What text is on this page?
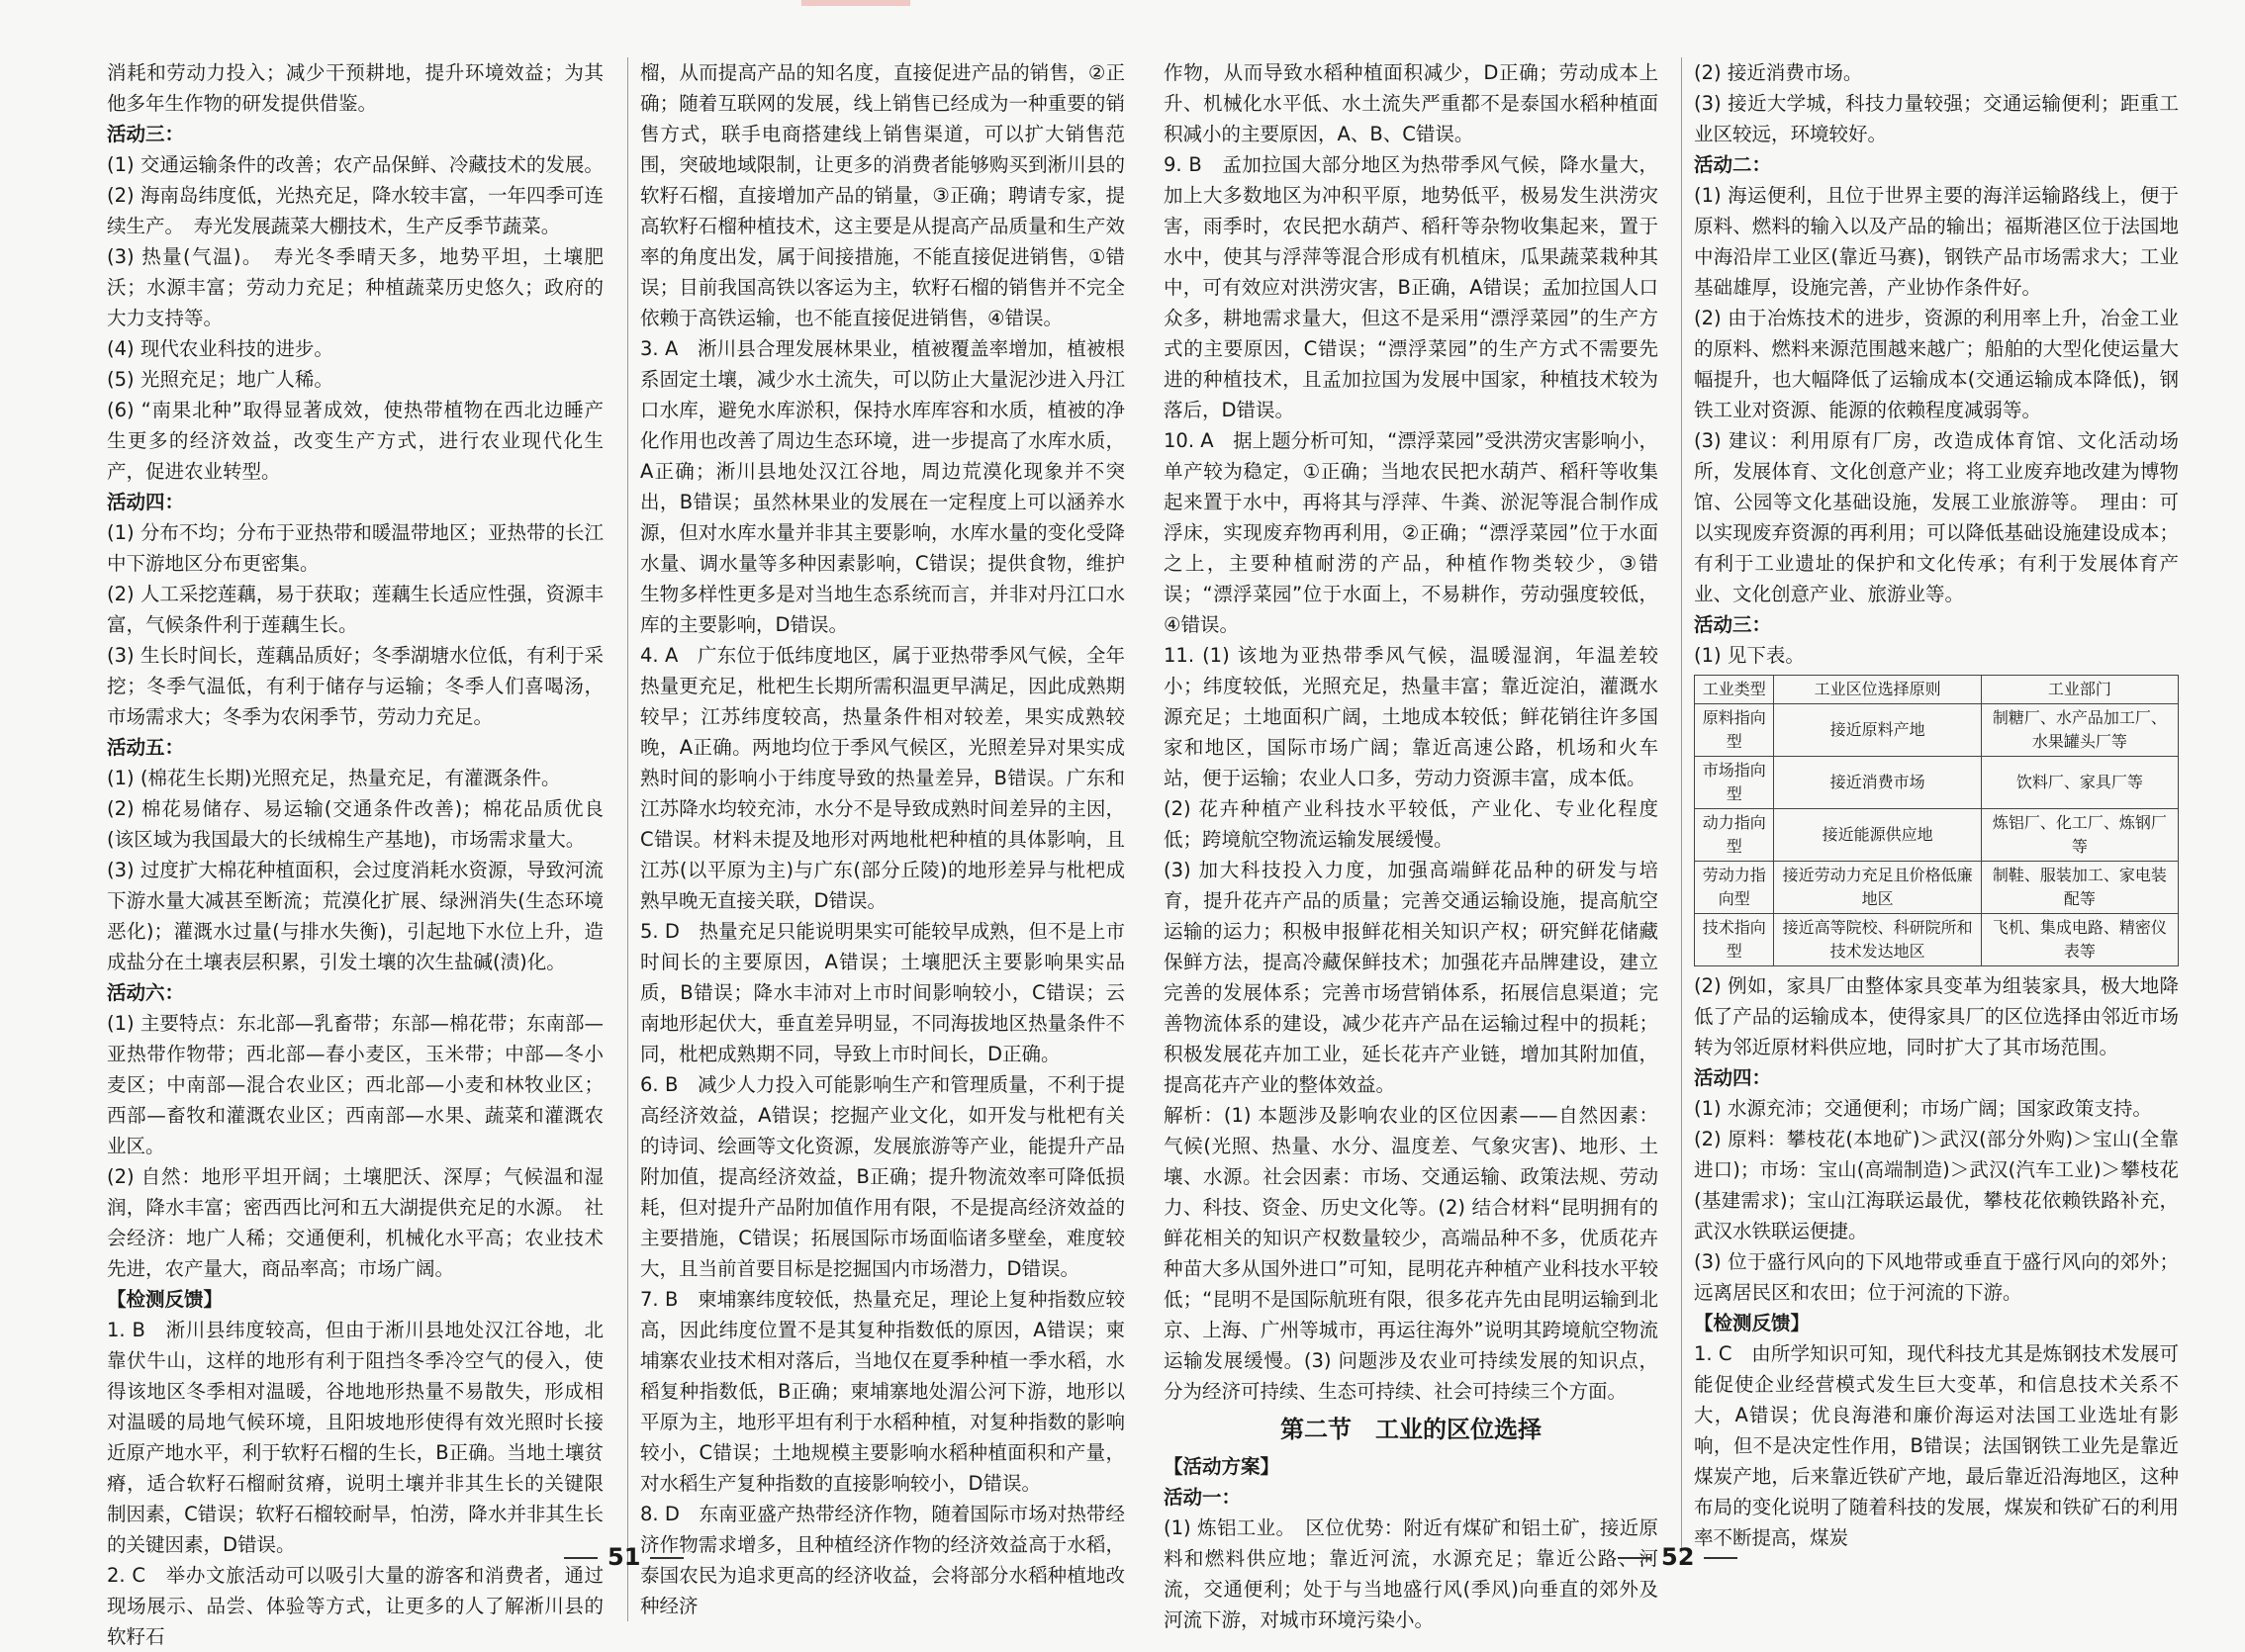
消耗和劳动力投入；减少干预耕地，提升环境效益；为其他多年生作物的研发提供借鉴。

活动三：

(1) 交通运输条件的改善；农产品保鲜、冷藏技术的发展。

(2) 海南岛纬度低，光热充足，降水较丰富，一年四季可连续生产。　寿光发展蔬菜大棚技术，生产反季节蔬菜。

(3) 热量(气温)。　寿光冬季晴天多，地势平坦，土壤肥沃；水源丰富；劳动力充足；种植蔬菜历史悠久；政府的大力支持等。

(4) 现代农业科技的进步。

(5) 光照充足；地广人稀。

(6) “南果北种”取得显著成效，使热带植物在西北边睡产生更多的经济效益，改变生产方式，进行农业现代化生产，促进农业转型。

活动四：

(1) 分布不均；分布于亚热带和暖温带地区；亚热带的长江中下游地区分布更密集。

(2) 人工采挖莲藕，易于获取；莲藕生长适应性强，资源丰富，气候条件利于莲藕生长。

(3) 生长时间长，莲藕品质好；冬季湖塘水位低，有利于采挖；冬季气温低，有利于储存与运输；冬季人们喜喝汤，市场需求大；冬季为农闲季节，劳动力充足。

活动五：

(1) (棉花生长期)光照充足，热量充足，有灌溉条件。

(2) 棉花易储存、易运输(交通条件改善)；棉花品质优良(该区域为我国最大的长绒棉生产基地)，市场需求量大。

(3) 过度扩大棉花种植面积，会过度消耗水资源，导致河流下游水量大减甚至断流；荒漠化扩展、绿洲消失(生态环境恶化)；灌溉水过量(与排水失衡)，引起地下水位上升，造成盐分在土壤表层积累，引发土壤的次生盐碱(渍)化。

活动六：

(1) 主要特点：东北部—乳畜带；东部—棉花带；东南部—亚热带作物带；西北部—春小麦区，玉米带；中部—冬小麦区；中南部—混合农业区；西北部—小麦和林牧业区；西部—畜牧和灌溉农业区；西南部—水果、蔬菜和灌溉农业区。

(2) 自然：地形平坦开阔；土壤肥沃、深厚；气候温和湿润，降水丰富；密西西比河和五大湖提供充足的水源。　社会经济：地广人稀；交通便利，机械化水平高；农业技术先进，农产量大，商品率高；市场广阔。

【检测反馈】

1. B　淅川县纬度较高，但由于淅川县地处汉江谷地，北靠伏牛山，这样的地形有利于阻挡冬季冷空气的侵入，使得该地区冬季相对温暖，谷地地形热量不易散失，形成相对温暖的局地气候环境，且阳坡地形使得有效光照时长接近原产地水平，利于软籽石榴的生长，B正确。当地土壤贫瘠，适合软籽石榴耐贫瘠，说明土壤并非其生长的关键限制因素，C错误；软籽石榴较耐旱，怕涝，降水并非其生长的关键因素，D错误。

2. C　举办文旅活动可以吸引大量的游客和消费者，通过现场展示、品尝、体验等方式，让更多的人了解淅川县的软籽石

榴，从而提高产品的知名度，直接促进产品的销售，②正确；随着互联网的发展，线上销售已经成为一种重要的销售方式，联手电商搭建线上销售渠道，可以扩大销售范围，突破地域限制，让更多的消费者能够购买到淅川县的软籽石榴，直接增加产品的销量，③正确；聘请专家，提高软籽石榴种植技术，这主要是从提高产品质量和生产效率的角度出发，属于间接措施，不能直接促进销售，①错误；目前我国高铁以客运为主，软籽石榴的销售并不完全依赖于高铁运输，也不能直接促进销售，④错误。

3. A　淅川县合理发展林果业，植被覆盖率增加，植被根系固定土壤，减少水土流失，可以防止大量泥沙进入丹江口水库，避免水库淤积，保持水库库容和水质，植被的净化作用也改善了周边生态环境，进一步提高了水库水质，A正确；淅川县地处汉江谷地，周边荒漠化现象并不突出，B错误；虽然林果业的发展在一定程度上可以涵养水源，但对水库水量并非其主要影响，水库水量的变化受降水量、调水量等多种因素影响，C错误；提供食物，维护生物多样性更多是对当地生态系统而言，并非对丹江口水库的主要影响，D错误。

4. A　广东位于低纬度地区，属于亚热带季风气候，全年热量更充足，枇杷生长期所需积温更早满足，因此成熟期较早；江苏纬度较高，热量条件相对较差，果实成熟较晚，A正确。两地均位于季风气候区，光照差异对果实成熟时间的影响小于纬度导致的热量差异，B错误。广东和江苏降水均较充沛，水分不是导致成熟时间差异的主因，C错误。材料未提及地形对两地枇杷种植的具体影响，且江苏(以平原为主)与广东(部分丘陵)的地形差异与枇杷成熟早晚无直接关联，D错误。

5. D　热量充足只能说明果实可能较早成熟，但不是上市时间长的主要原因，A错误；土壤肥沃主要影响果实品质，B错误；降水丰沛对上市时间影响较小，C错误；云南地形起伏大，垂直差异明显，不同海拔地区热量条件不同，枇杷成熟期不同，导致上市时间长，D正确。

6. B　减少人力投入可能影响生产和管理质量，不利于提高经济效益，A错误；挖掘产业文化，如开发与枇杷有关的诗词、绘画等文化资源，发展旅游等产业，能提升产品附加值，提高经济效益，B正确；提升物流效率可降低损耗，但对提升产品附加值作用有限，不是提高经济效益的主要措施，C错误；拓展国际市场面临诸多壁垒，难度较大，且当前首要目标是挖掘国内市场潜力，D错误。

7. B　柬埔寨纬度较低，热量充足，理论上复种指数应较高，因此纬度位置不是其复种指数低的原因，A错误；柬埔寨农业技术相对落后，当地仅在夏季种植一季水稻，水稻复种指数低，B正确；柬埔寨地处湄公河下游，地形以平原为主，地形平坦有利于水稻种植，对复种指数的影响较小，C错误；土地规模主要影响水稻种植面积和产量，对水稻生产复种指数的直接影响较小，D错误。

8. D　东南亚盛产热带经济作物，随着国际市场对热带经济作物需求增多，且种植经济作物的经济效益高于水稻，泰国农民为追求更高的经济收益，会将部分水稻种植地改种经济

作物，从而导致水稻种植面积减少，D正确；劳动成本上升、机械化水平低、水土流失严重都不是泰国水稻种植面积减小的主要原因，A、B、C错误。

9. B　孟加拉国大部分地区为热带季风气候，降水量大，加上大多数地区为冲积平原，地势低平，极易发生洪涝灾害，雨季时，农民把水葫芦、稻秆等杂物收集起来，置于水中，使其与浮萍等混合形成有机植床，瓜果蔬菜栽种其中，可有效应对洪涝灾害，B正确，A错误；孟加拉国人口众多，耕地需求量大，但这不是采用“漂浮菜园”的生产方式的主要原因，C错误；“漂浮菜园”的生产方式不需要先进的种植技术，且孟加拉国为发展中国家，种植技术较为落后，D错误。

10. A　据上题分析可知，“漂浮菜园”受洪涝灾害影响小，单产较为稳定，①正确；当地农民把水葫芦、稻秆等收集起来置于水中，再将其与浮萍、牛粪、淤泥等混合制作成浮床，实现废弃物再利用，②正确；“漂浮菜园”位于水面之上，主要种植耐涝的产品，种植作物类较少，③错误；“漂浮菜园”位于水面上，不易耕作，劳动强度较低，④错误。

11. (1) 该地为亚热带季风气候，温暖湿润，年温差较小；纬度较低，光照充足，热量丰富；靠近淀泊，灌溉水源充足；土地面积广阔，土地成本较低；鲜花销往许多国家和地区，国际市场广阔；靠近高速公路，机场和火车站，便于运输；农业人口多，劳动力资源丰富，成本低。

(2) 花卉种植产业科技水平较低，产业化、专业化程度低；跨境航空物流运输发展缓慢。

(3) 加大科技投入力度，加强高端鲜花品种的研发与培育，提升花卉产品的质量；完善交通运输设施，提高航空运输的运力；积极申报鲜花相关知识产权；研究鲜花储藏保鲜方法，提高冷藏保鲜技术；加强花卉品牌建设，建立完善的发展体系；完善市场营销体系，拓展信息渠道；完善物流体系的建设，减少花卉产品在运输过程中的损耗；积极发展花卉加工业，延长花卉产业链，增加其附加值，提高花卉产业的整体效益。

解析：(1) 本题涉及影响农业的区位因素——自然因素：气候(光照、热量、水分、温度差、气象灾害)、地形、土壤、水源。社会因素：市场、交通运输、政策法规、劳动力、科技、资金、历史文化等。(2) 结合材料“昆明拥有的鲜花相关的知识产权数量较少，高端品种不多，优质花卉种苗大多从国外进口”可知，昆明花卉种植产业科技水平较低；“昆明不是国际航班有限，很多花卉先由昆明运输到北京、上海、广州等城市，再运往海外”说明其跨境航空物流运输发展缓慢。(3) 问题涉及农业可持续发展的知识点，分为经济可持续、生态可持续、社会可持续三个方面。

第二节　工业的区位选择

【活动方案】

活动一：

(1) 炼铝工业。　区位优势：附近有煤矿和铝土矿，接近原料和燃料供应地；靠近河流，水源充足；靠近公路、河流，交通便利；处于与当地盛行风(季风)向垂直的郊外及河流下游，对城市环境污染小。

(2) 接近消费市场。

(3) 接近大学城，科技力量较强；交通运输便利；距重工业区较远，环境较好。

活动二：

(1) 海运便利，且位于世界主要的海洋运输路线上，便于原料、燃料的输入以及产品的输出；福斯港区位于法国地中海沿岸工业区(靠近马赛)，钢铁产品市场需求大；工业基础雄厚，设施完善，产业协作条件好。

(2) 由于冶炼技术的进步，资源的利用率上升，冶金工业的原料、燃料来源范围越来越广；船舶的大型化使运量大幅提升，也大幅降低了运输成本(交通运输成本降低)，钢铁工业对资源、能源的依赖程度减弱等。

(3) 建议：利用原有厂房，改造成体育馆、文化活动场所，发展体育、文化创意产业；将工业废弃地改建为博物馆、公园等文化基础设施，发展工业旅游等。　理由：可以实现废弃资源的再利用；可以降低基础设施建设成本；有利于工业遗址的保护和文化传承；有利于发展体育产业、文化创意产业、旅游业等。

活动三：

(1) 见下表。

工业类型	工业区位选择原则	工业部门
原料指向型	接近原料产地	制糖厂、水产品加工厂、水果罐头厂等
市场指向型	接近消费市场	饮料厂、家具厂等
动力指向型	接近能源供应地	炼铝厂、化工厂、炼钢厂等
劳动力指向型	接近劳动力充足且价格低廉地区	制鞋、服装加工、家电装配等
技术指向型	接近高等院校、科研院所和技术发达地区	飞机、集成电路、精密仪表等

(2) 例如，家具厂由整体家具变革为组装家具，极大地降低了产品的运输成本，使得家具厂的区位选择由邻近市场转为邻近原材料供应地，同时扩大了其市场范围。

活动四：

(1) 水源充沛；交通便利；市场广阔；国家政策支持。

(2) 原料：攀枝花(本地矿)＞武汉(部分外购)＞宝山(全靠进口)；市场：宝山(高端制造)＞武汉(汽车工业)＞攀枝花(基建需求)；宝山江海联运最优，攀枝花依赖铁路补充，武汉水铁联运便捷。

(3) 位于盛行风向的下风地带或垂直于盛行风向的郊外；远离居民区和农田；位于河流的下游。

【检测反馈】

1. C　由所学知识可知，现代科技尤其是炼钢技术发展可能促使企业经营模式发生巨大变革，和信息技术关系不大，A错误；优良海港和廉价海运对法国工业选址有影响，但不是决定性作用，B错误；法国钢铁工业先是靠近煤炭产地，后来靠近铁矿产地，最后靠近沿海地区，这种布局的变化说明了随着科技的发展，煤炭和铁矿石的利用率不断提高，煤炭

51	52
